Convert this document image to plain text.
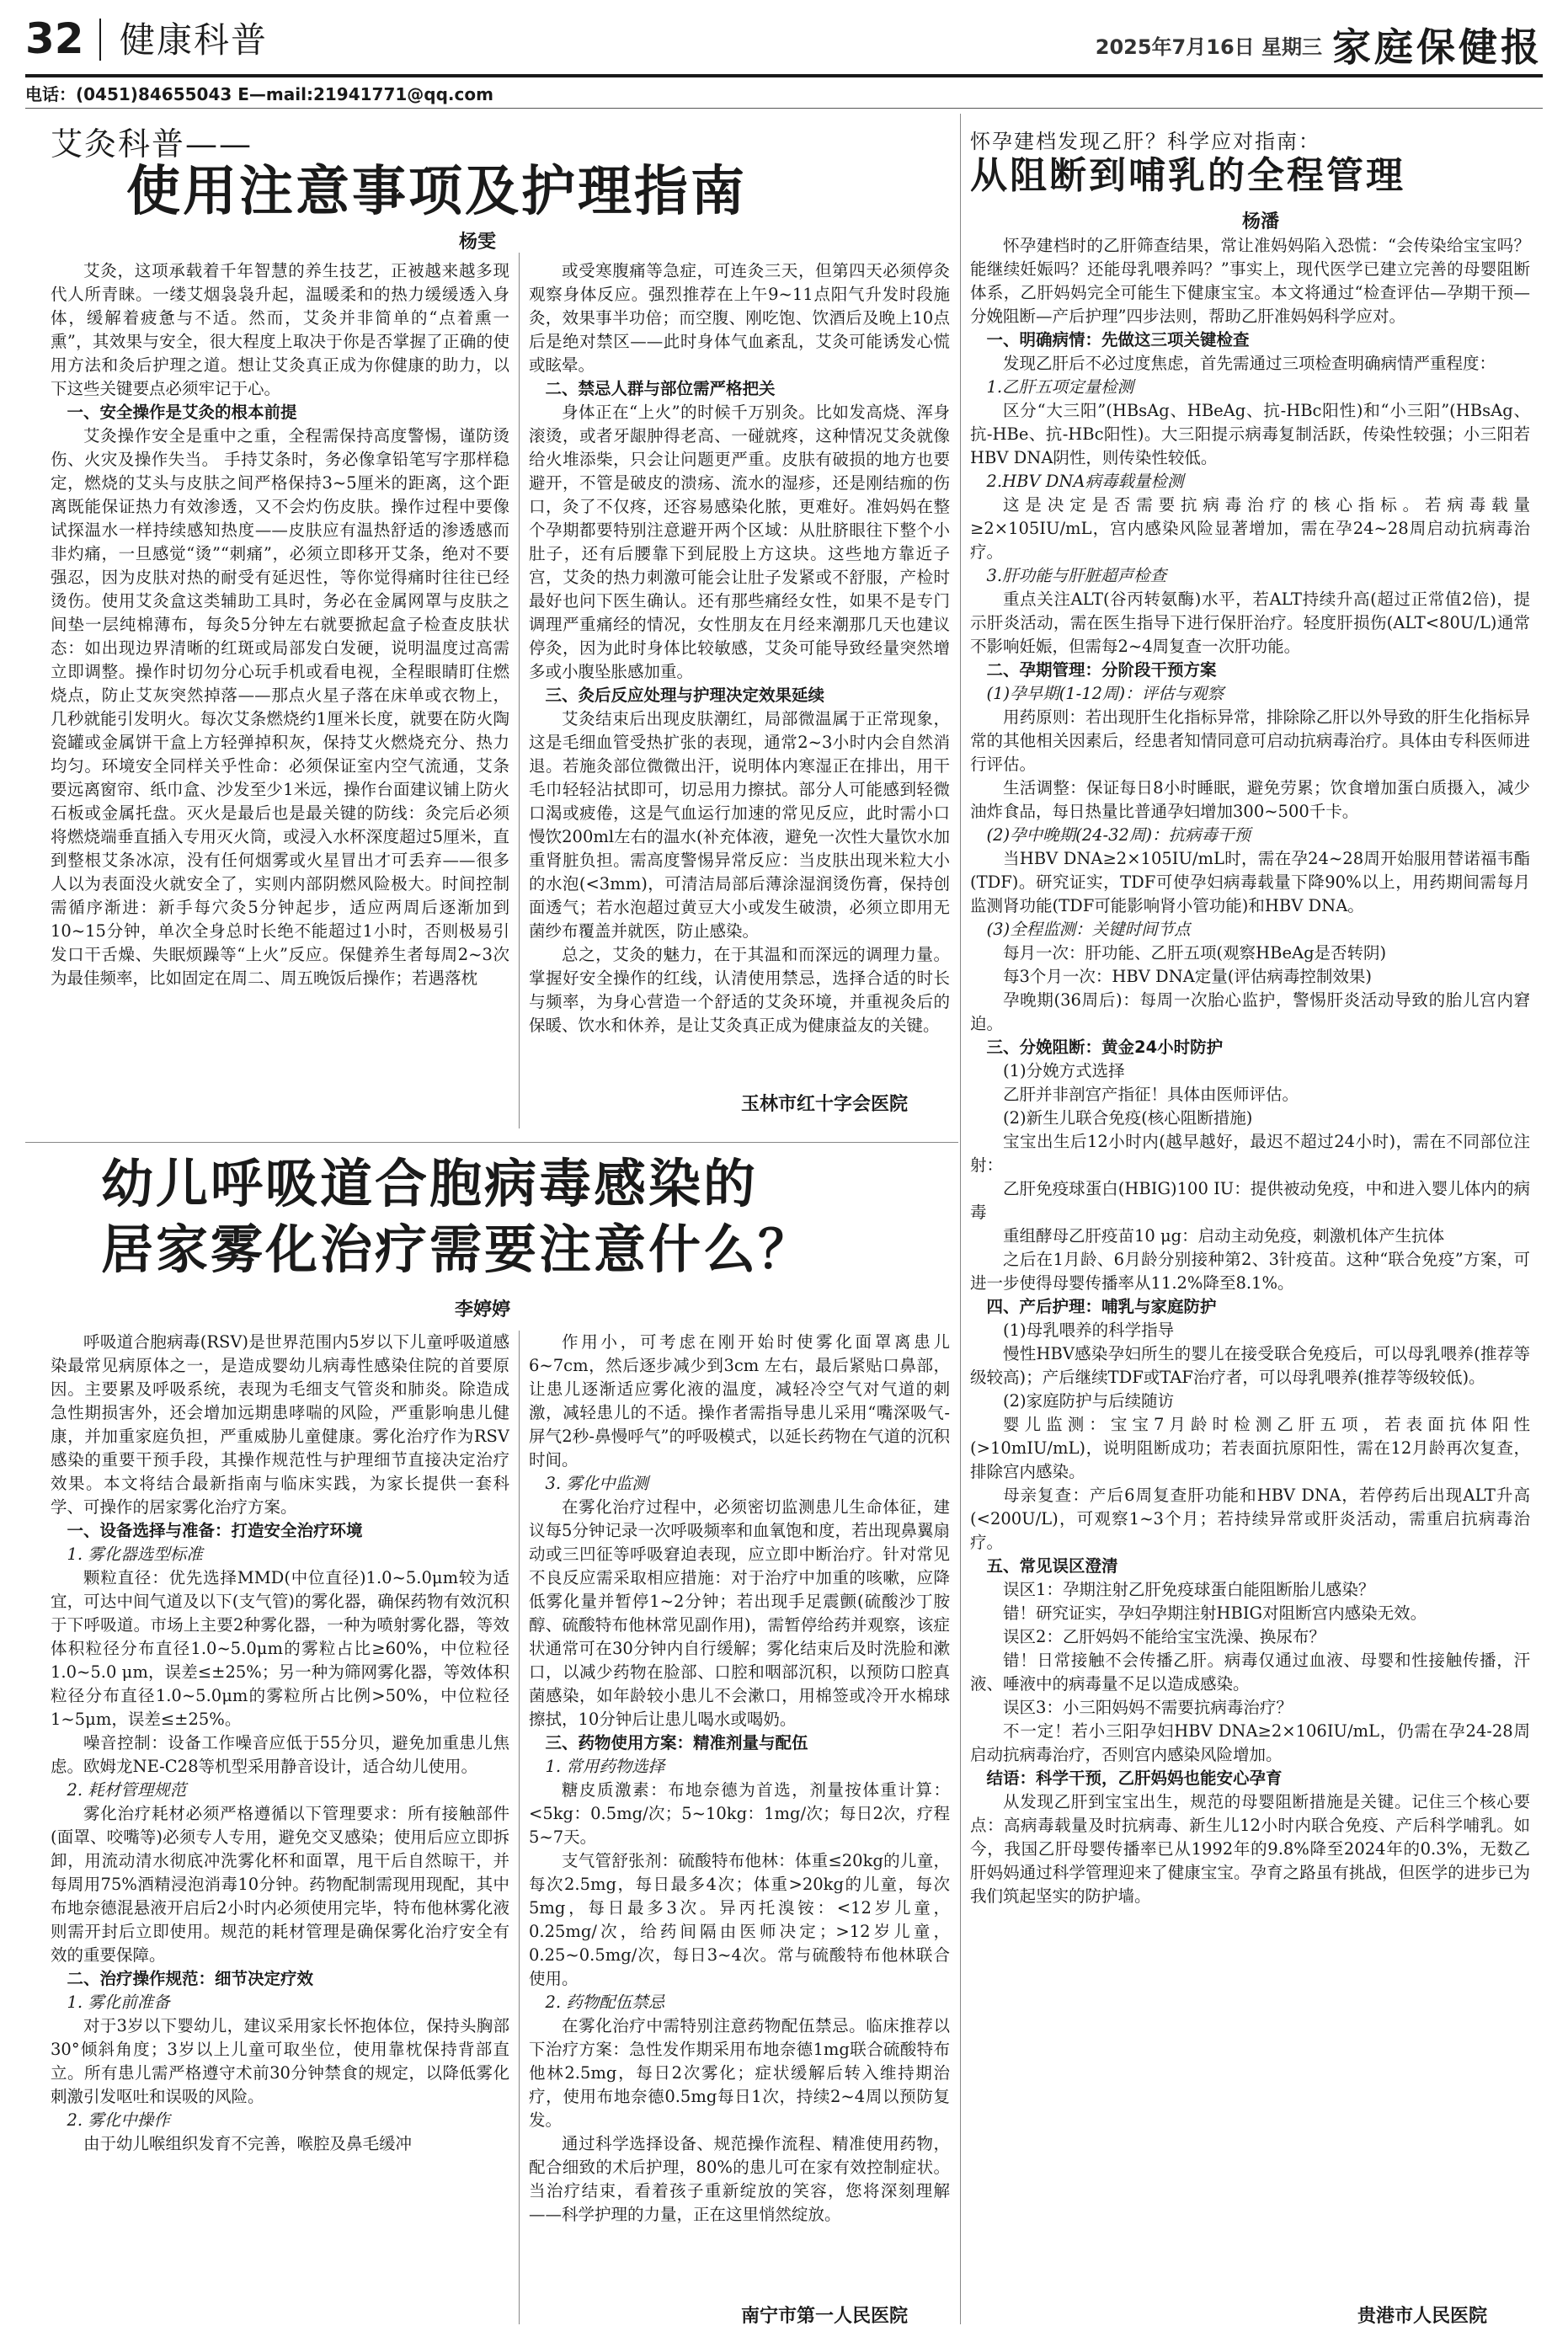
32 健康科普	2025年7月16日 星期三 家庭保健报
电话：(0451)84655043 E—mail:21941771@qq.com
艾灸科普——
使用注意事项及护理指南
杨雯

艾灸，这项承载着千年智慧的养生技艺，正被越来越多现代人所青睐。一缕艾烟袅袅升起，温暖柔和的热力缓缓透入身体，缓解着疲惫与不适。然而，艾灸并非简单的“点着熏一熏”，其效果与安全，很大程度上取决于你是否掌握了正确的使用方法和灸后护理之道。想让艾灸真正成为你健康的助力，以下这些关键要点必须牢记于心。

一、安全操作是艾灸的根本前提

艾灸操作安全是重中之重，全程需保持高度警惕，谨防烫伤、火灾及操作失当。 手持艾条时，务必像拿铅笔写字那样稳定，燃烧的艾头与皮肤之间严格保持3~5厘米的距离，这个距离既能保证热力有效渗透，又不会灼伤皮肤。操作过程中要像试探温水一样持续感知热度——皮肤应有温热舒适的渗透感而非灼痛，一旦感觉“烫”“刺痛”，必须立即移开艾条，绝对不要强忍，因为皮肤对热的耐受有延迟性，等你觉得痛时往往已经烫伤。使用艾灸盒这类辅助工具时，务必在金属网罩与皮肤之间垫一层纯棉薄布，每灸5分钟左右就要掀起盒子检查皮肤状态：如出现边界清晰的红斑或局部发白发硬，说明温度过高需立即调整。操作时切勿分心玩手机或看电视，全程眼睛盯住燃烧点，防止艾灰突然掉落——那点火星子落在床单或衣物上，几秒就能引发明火。每次艾条燃烧约1厘米长度，就要在防火陶瓷罐或金属饼干盒上方轻弹掉积灰，保持艾火燃烧充分、热力均匀。环境安全同样关乎性命：必须保证室内空气流通，艾条要远离窗帘、纸巾盒、沙发至少1米远，操作台面建议铺上防火石板或金属托盘。灭火是最后也是最关键的防线：灸完后必须将燃烧端垂直插入专用灭火筒，或浸入水杯深度超过5厘米，直到整根艾条冰凉，没有任何烟雾或火星冒出才可丢弃——很多人以为表面没火就安全了，实则内部阴燃风险极大。时间控制需循序渐进：新手每穴灸5分钟起步，适应两周后逐渐加到10~15分钟，单次全身总时长绝不能超过1小时，否则极易引发口干舌燥、失眠烦躁等“上火”反应。保健养生者每周2~3次为最佳频率，比如固定在周二、周五晚饭后操作；若遇落枕

或受寒腹痛等急症，可连灸三天，但第四天必须停灸观察身体反应。强烈推荐在上午9~11点阳气升发时段施灸，效果事半功倍；而空腹、刚吃饱、饮酒后及晚上10点后是绝对禁区——此时身体气血紊乱，艾灸可能诱发心慌或眩晕。

二、禁忌人群与部位需严格把关

身体正在“上火”的时候千万别灸。比如发高烧、浑身滚烫，或者牙龈肿得老高、一碰就疼，这种情况艾灸就像给火堆添柴，只会让问题更严重。皮肤有破损的地方也要避开，不管是破皮的溃疡、流水的湿疹，还是刚结痂的伤口，灸了不仅疼，还容易感染化脓，更难好。准妈妈在整个孕期都要特别注意避开两个区域：从肚脐眼往下整个小肚子，还有后腰靠下到屁股上方这块。这些地方靠近子宫，艾灸的热力刺激可能会让肚子发紧或不舒服，产检时最好也问下医生确认。还有那些痛经女性，如果不是专门调理严重痛经的情况，女性朋友在月经来潮那几天也建议停灸，因为此时身体比较敏感，艾灸可能导致经量突然增多或小腹坠胀感加重。

三、灸后反应处理与护理决定效果延续

艾灸结束后出现皮肤潮红，局部微温属于正常现象，这是毛细血管受热扩张的表现，通常2~3小时内会自然消退。若施灸部位微微出汗，说明体内寒湿正在排出，用干毛巾轻轻沾拭即可，切忌用力擦拭。部分人可能感到轻微口渴或疲倦，这是气血运行加速的常见反应，此时需小口慢饮200ml左右的温水(补充体液，避免一次性大量饮水加重肾脏负担。需高度警惕异常反应：当皮肤出现米粒大小的水泡(<3mm)，可清洁局部后薄涂湿润烫伤膏，保持创面透气；若水泡超过黄豆大小或发生破溃，必须立即用无菌纱布覆盖并就医，防止感染。

总之，艾灸的魅力，在于其温和而深远的调理力量。掌握好安全操作的红线，认清使用禁忌，选择合适的时长与频率，为身心营造一个舒适的艾灸环境，并重视灸后的保暖、饮水和休养，是让艾灸真正成为健康益友的关键。

玉林市红十字会医院
幼儿呼吸道合胞病毒感染的
居家雾化治疗需要注意什么？
李婷婷

呼吸道合胞病毒(RSV)是世界范围内5岁以下儿童呼吸道感染最常见病原体之一，是造成婴幼儿病毒性感染住院的首要原因。主要累及呼吸系统，表现为毛细支气管炎和肺炎。除造成急性期损害外，还会增加远期患哮喘的风险，严重影响患儿健康，并加重家庭负担，严重威胁儿童健康。雾化治疗作为RSV感染的重要干预手段，其操作规范性与护理细节直接决定治疗效果。本文将结合最新指南与临床实践，为家长提供一套科学、可操作的居家雾化治疗方案。

一、设备选择与准备：打造安全治疗环境

1. 雾化器选型标准

颗粒直径：优先选择MMD(中位直径)1.0~5.0μm较为适宜，可达中间气道及以下(支气管)的雾化器，确保药物有效沉积于下呼吸道。市场上主要2种雾化器，一种为喷射雾化器，等效体积粒径分布直径1.0~5.0μm的雾粒占比≥60%，中位粒径1.0~5.0 μm，误差≤±25%；另一种为筛网雾化器，等效体积粒径分布直径1.0~5.0μm的雾粒所占比例>50%，中位粒径1~5μm，误差≤±25%。

噪音控制：设备工作噪音应低于55分贝，避免加重患儿焦虑。欧姆龙NE-C28等机型采用静音设计，适合幼儿使用。

2. 耗材管理规范

雾化治疗耗材必须严格遵循以下管理要求：所有接触部件(面罩、咬嘴等)必须专人专用，避免交叉感染；使用后应立即拆卸，用流动清水彻底冲洗雾化杯和面罩，甩干后自然晾干，并每周用75%酒精浸泡消毒10分钟。药物配制需现用现配，其中布地奈德混悬液开启后2小时内必须使用完毕，特布他林雾化液则需开封后立即使用。规范的耗材管理是确保雾化治疗安全有效的重要保障。

二、治疗操作规范：细节决定疗效

1. 雾化前准备

对于3岁以下婴幼儿，建议采用家长怀抱体位，保持头胸部30°倾斜角度；3岁以上儿童可取坐位，使用靠枕保持背部直立。所有患儿需严格遵守术前30分钟禁食的规定，以降低雾化刺激引发呕吐和误吸的风险。

2. 雾化中操作

由于幼儿喉组织发育不完善，喉腔及鼻毛缓冲

作用小，可考虑在刚开始时使雾化面罩离患儿6~7cm，然后逐步减少到3cm 左右，最后紧贴口鼻部，让患儿逐渐适应雾化液的温度，减轻冷空气对气道的刺激，减轻患儿的不适。操作者需指导患儿采用“嘴深吸气-屏气2秒-鼻慢呼气”的呼吸模式，以延长药物在气道的沉积时间。

3. 雾化中监测

在雾化治疗过程中，必须密切监测患儿生命体征，建议每5分钟记录一次呼吸频率和血氧饱和度，若出现鼻翼扇动或三凹征等呼吸窘迫表现，应立即中断治疗。针对常见不良反应需采取相应措施：对于治疗中加重的咳嗽，应降低雾化量并暂停1~2分钟；若出现手足震颤(硫酸沙丁胺醇、硫酸特布他林常见副作用)，需暂停给药并观察，该症状通常可在30分钟内自行缓解；雾化结束后及时洗脸和漱口，以减少药物在脸部、口腔和咽部沉积，以预防口腔真菌感染，如年龄较小患儿不会漱口，用棉签或冷开水棉球擦拭，10分钟后让患儿喝水或喝奶。

三、药物使用方案：精准剂量与配伍

1. 常用药物选择

糖皮质激素：布地奈德为首选，剂量按体重计算：<5kg：0.5mg/次；5~10kg：1mg/次；每日2次，疗程5~7天。

支气管舒张剂：硫酸特布他林：体重≤20kg的儿童，每次2.5mg，每日最多4次；体重>20kg的儿童，每次5mg，每日最多3次。异丙托溴铵：<12岁儿童，0.25mg/次，给药间隔由医师决定；>12岁儿童，0.25~0.5mg/次，每日3~4次。常与硫酸特布他林联合使用。

2. 药物配伍禁忌

在雾化治疗中需特别注意药物配伍禁忌。临床推荐以下治疗方案：急性发作期采用布地奈德1mg联合硫酸特布他林2.5mg，每日2次雾化；症状缓解后转入维持期治疗，使用布地奈德0.5mg每日1次，持续2~4周以预防复发。

通过科学选择设备、规范操作流程、精准使用药物，配合细致的术后护理，80%的患儿可在家有效控制症状。当治疗结束，看着孩子重新绽放的笑容，您将深刻理解——科学护理的力量，正在这里悄然绽放。

南宁市第一人民医院
怀孕建档发现乙肝？科学应对指南：
从阻断到哺乳的全程管理
杨潘

怀孕建档时的乙肝筛查结果，常让准妈妈陷入恐慌：“会传染给宝宝吗？能继续妊娠吗？还能母乳喂养吗？”事实上，现代医学已建立完善的母婴阻断体系，乙肝妈妈完全可能生下健康宝宝。本文将通过“检查评估—孕期干预—分娩阻断—产后护理”四步法则，帮助乙肝准妈妈科学应对。

一、明确病情：先做这三项关键检查

发现乙肝后不必过度焦虑，首先需通过三项检查明确病情严重程度：

1.乙肝五项定量检测

区分“大三阳”(HBsAg、HBeAg、抗-HBc阳性)和“小三阳”(HBsAg、抗-HBe、抗-HBc阳性)。大三阳提示病毒复制活跃，传染性较强；小三阳若HBV DNA阴性，则传染性较低。

2.HBV DNA病毒载量检测

这是决定是否需要抗病毒治疗的核心指标。若病毒载量≥2×105IU/mL，宫内感染风险显著增加，需在孕24~28周启动抗病毒治疗。

3.肝功能与肝脏超声检查

重点关注ALT(谷丙转氨酶)水平，若ALT持续升高(超过正常值2倍)，提示肝炎活动，需在医生指导下进行保肝治疗。轻度肝损伤(ALT<80U/L)通常不影响妊娠，但需每2~4周复查一次肝功能。

二、孕期管理：分阶段干预方案

(1)孕早期(1-12周)：评估与观察

用药原则：若出现肝生化指标异常，排除除乙肝以外导致的肝生化指标异常的其他相关因素后，经患者知情同意可启动抗病毒治疗。具体由专科医师进行评估。

生活调整：保证每日8小时睡眠，避免劳累；饮食增加蛋白质摄入，减少油炸食品，每日热量比普通孕妇增加300~500千卡。

(2)孕中晚期(24-32周)：抗病毒干预

当HBV DNA≥2×105IU/mL时，需在孕24~28周开始服用替诺福韦酯(TDF)。研究证实，TDF可使孕妇病毒载量下降90%以上，用药期间需每月监测肾功能(TDF可能影响肾小管功能)和HBV DNA。

(3)全程监测：关键时间节点

每月一次：肝功能、乙肝五项(观察HBeAg是否转阴)

每3个月一次：HBV DNA定量(评估病毒控制效果)

孕晚期(36周后)：每周一次胎心监护，警惕肝炎活动导致的胎儿宫内窘迫。

三、分娩阻断：黄金24小时防护

(1)分娩方式选择

乙肝并非剖宫产指征！具体由医师评估。

(2)新生儿联合免疫(核心阻断措施)

宝宝出生后12小时内(越早越好，最迟不超过24小时)，需在不同部位注射：

乙肝免疫球蛋白(HBIG)100 IU：提供被动免疫，中和进入婴儿体内的病毒

重组酵母乙肝疫苗10 μg：启动主动免疫，刺激机体产生抗体

之后在1月龄、6月龄分别接种第2、3针疫苗。这种“联合免疫”方案，可进一步使得母婴传播率从11.2%降至8.1%。

四、产后护理：哺乳与家庭防护

(1)母乳喂养的科学指导

慢性HBV感染孕妇所生的婴儿在接受联合免疫后，可以母乳喂养(推荐等级较高)；产后继续TDF或TAF治疗者，可以母乳喂养(推荐等级较低)。

(2)家庭防护与后续随访

婴儿监测：宝宝7月龄时检测乙肝五项，若表面抗体阳性(>10mIU/mL)，说明阻断成功；若表面抗原阳性，需在12月龄再次复查，排除宫内感染。

母亲复查：产后6周复查肝功能和HBV DNA，若停药后出现ALT升高(<200U/L)，可观察1~3个月；若持续异常或肝炎活动，需重启抗病毒治疗。

五、常见误区澄清

误区1：孕期注射乙肝免疫球蛋白能阻断胎儿感染？

错！研究证实，孕妇孕期注射HBIG对阻断宫内感染无效。

误区2：乙肝妈妈不能给宝宝洗澡、换尿布？

错！日常接触不会传播乙肝。病毒仅通过血液、母婴和性接触传播，汗液、唾液中的病毒量不足以造成感染。

误区3：小三阳妈妈不需要抗病毒治疗？

不一定！若小三阳孕妇HBV DNA≥2×106IU/mL，仍需在孕24-28周启动抗病毒治疗，否则宫内感染风险增加。

结语：科学干预，乙肝妈妈也能安心孕育

从发现乙肝到宝宝出生，规范的母婴阻断措施是关键。记住三个核心要点：高病毒载量及时抗病毒、新生儿12小时内联合免疫、产后科学哺乳。如今，我国乙肝母婴传播率已从1992年的9.8%降至2024年的0.3%，无数乙肝妈妈通过科学管理迎来了健康宝宝。孕育之路虽有挑战，但医学的进步已为我们筑起坚实的防护墙。

贵港市人民医院
